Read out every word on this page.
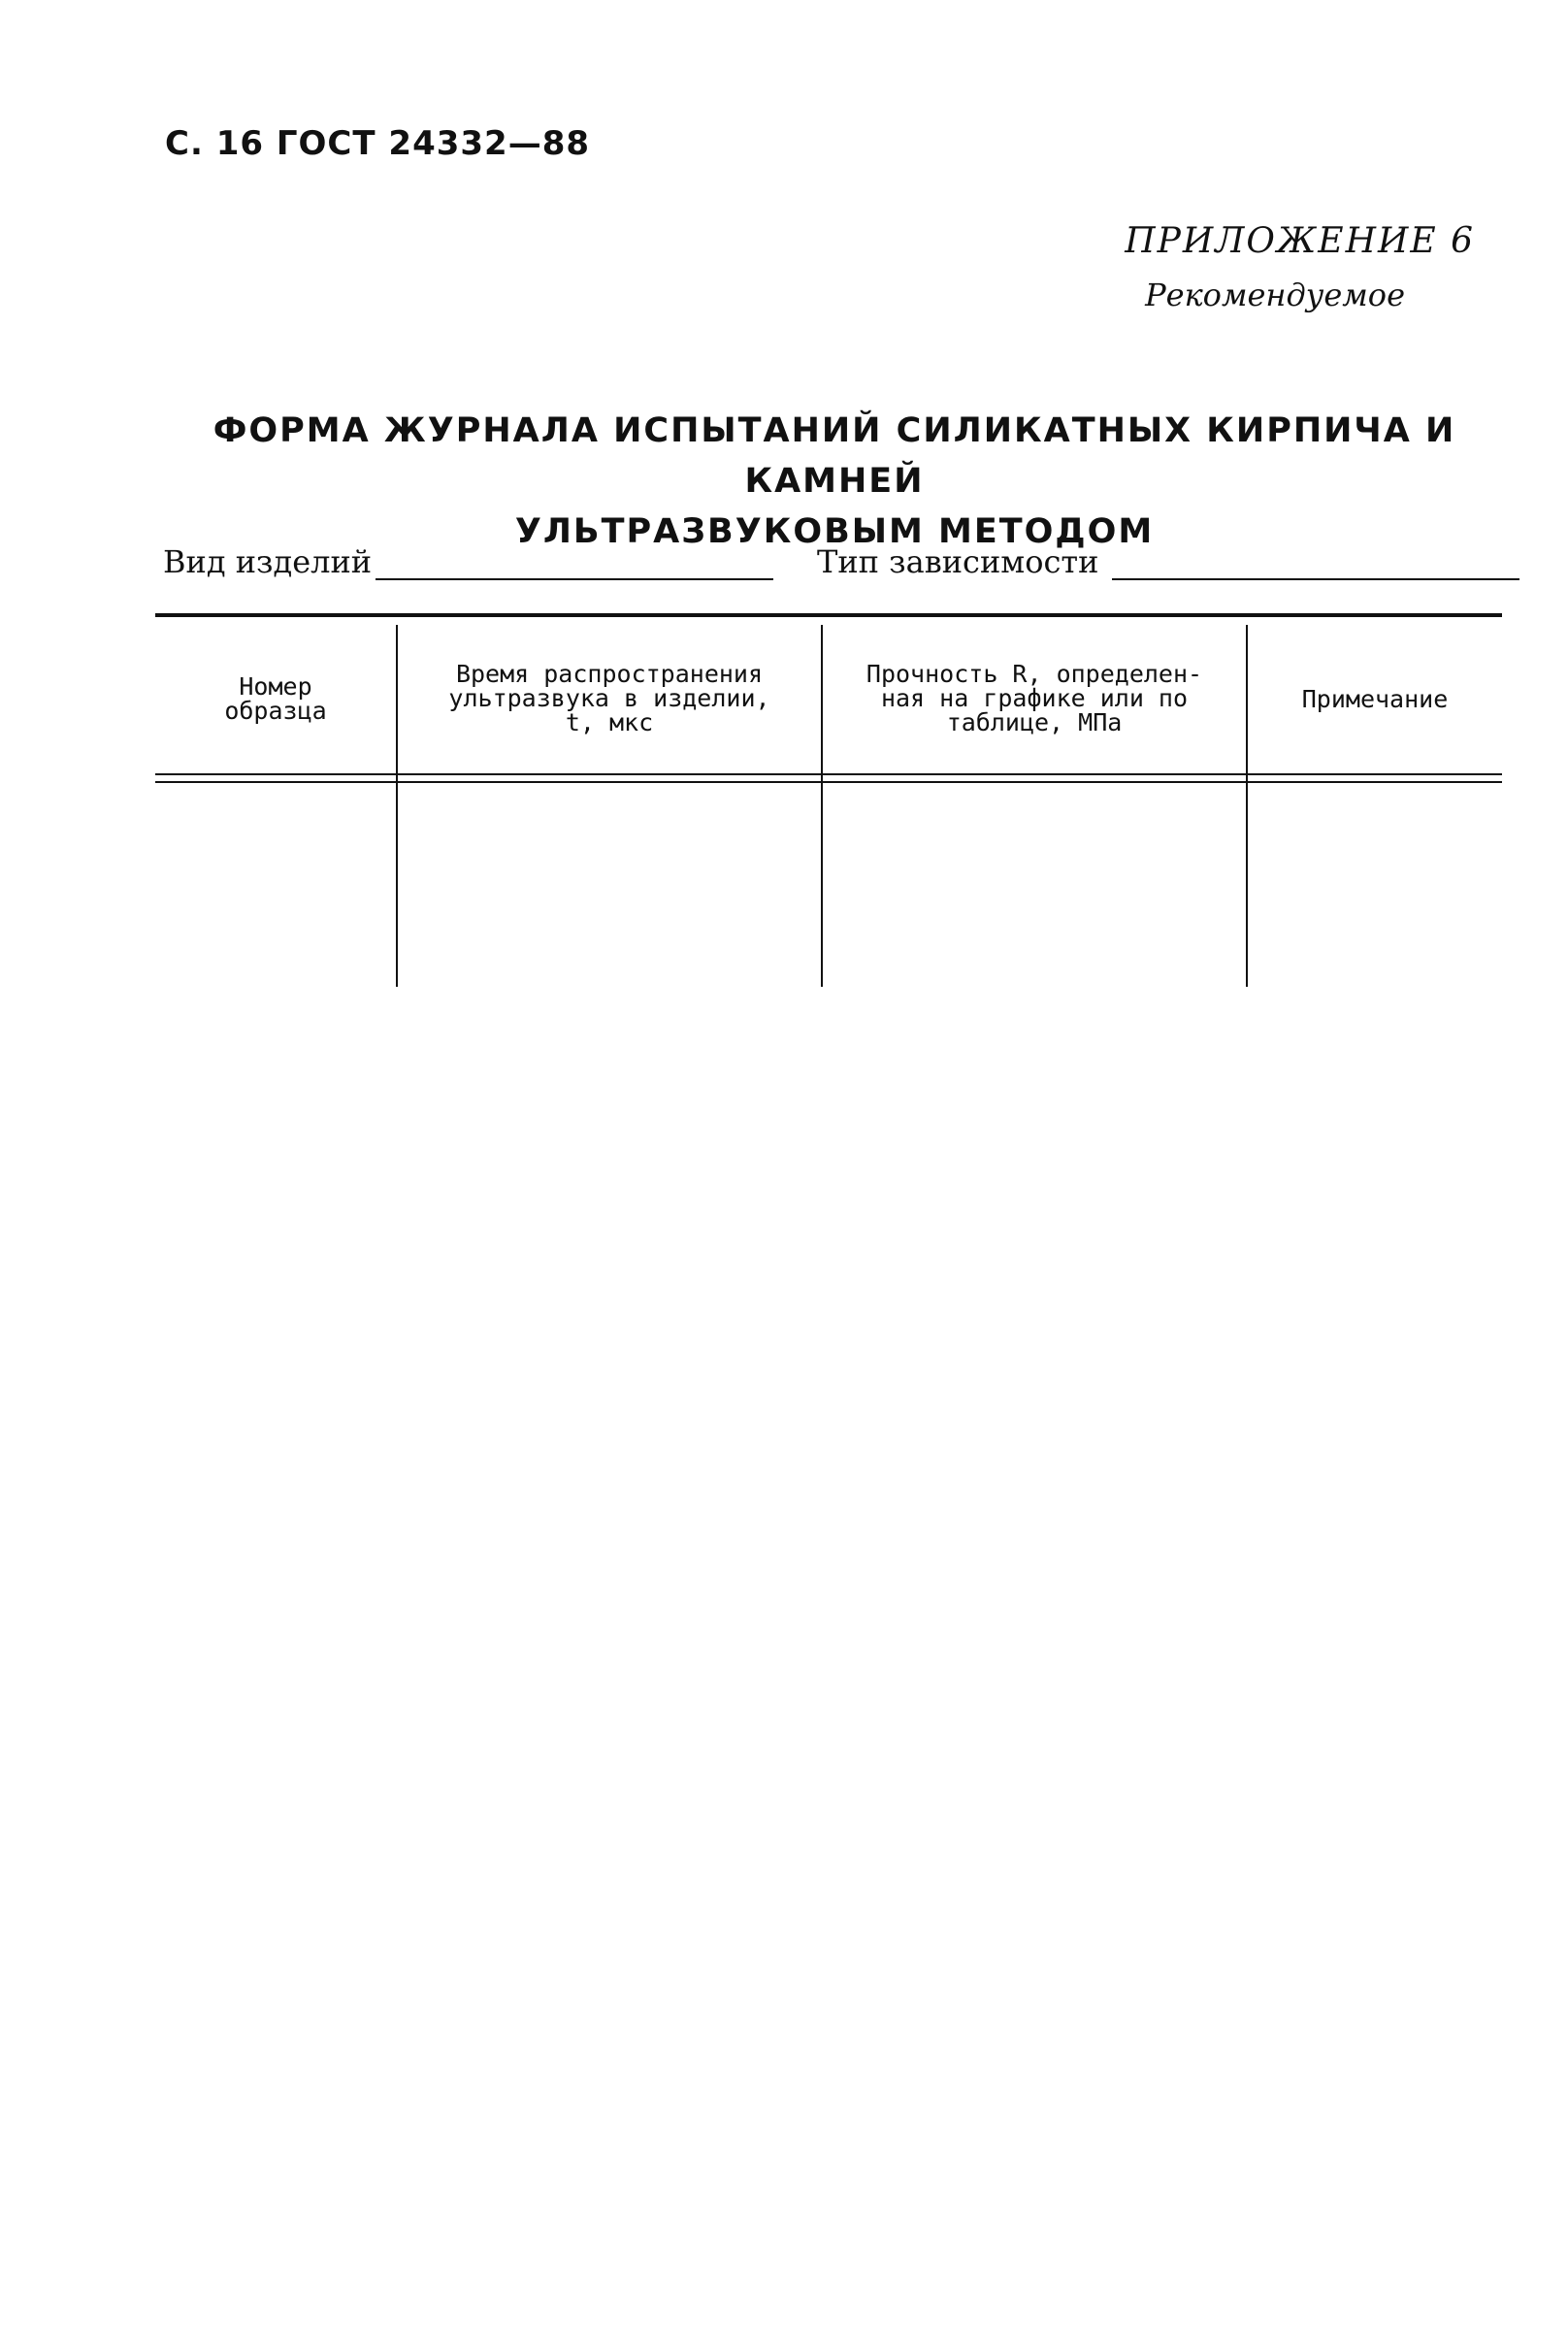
С. 16 ГОСТ 24332—88
ПРИЛОЖЕНИЕ 6
Рекомендуемое
ФОРМА ЖУРНАЛА ИСПЫТАНИЙ СИЛИКАТНЫХ КИРПИЧА И КАМНЕЙ
УЛЬТРАЗВУКОВЫМ МЕТОДОМ
Вид изделий	Тип зависимости
Номер
образца
Время распространения
ультразвука в изделии,
t, мкс
Прочность R, определен-
ная на графике или по
таблице, МПа
Примечание
